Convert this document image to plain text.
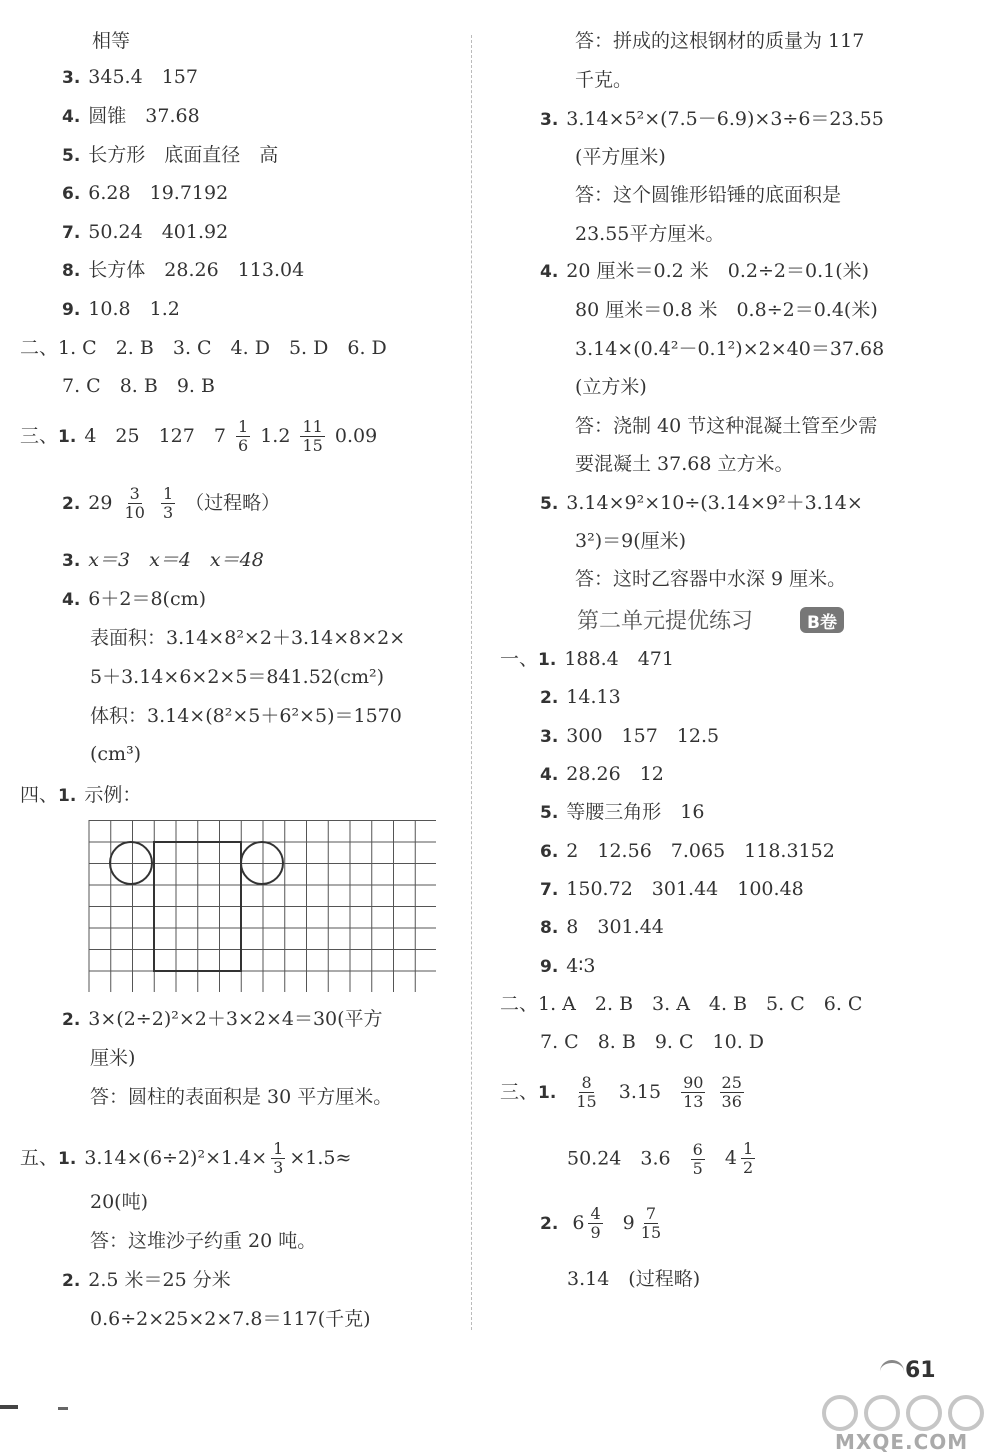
相等
3. 345.4　157
4. 圆锥　37.68
5. 长方形　底面直径　高
6. 6.28　19.7192
7. 50.24　401.92
8. 长方体　28.26　113.04
9. 10.8　1.2
二、1. C　2. B　3. C　4. D　5. D　6. D
7. C　8. B　9. B
三、1. 4　25　127　$7 \frac{1}{6} 1.2 \frac{11}{15} 0.09$
2. $29 \frac{3}{10}$
$\frac{1}{3}$ （过程略）
3. x＝3　x＝4　x＝48
4. 6＋2＝8(cm)
表面积：3.14×8²×2＋3.14×8×2×
5＋3.14×6×2×5＝841.52(cm²)
体积：3.14×(8²×5＋6²×5)＝1570
(cm³)
四、1. 示例：
2. 3×(2÷2)²×2＋3×2×4＝30(平方
厘米)
答：圆柱的表面积是 30 平方厘米。
五、1. $3.14\times(6\div 2)^2\times 1.4\times \frac{1}{3} \times 1.5\approx$
20(吨)
答：这堆沙子约重 20 吨。
2. 2.5 米＝25 分米
0.6÷2×25×2×7.8＝117(千克)
答：拼成的这根钢材的质量为 117
千克。
3. 3.14×5²×(7.5－6.9)×3÷6＝23.55
(平方厘米)
答：这个圆锥形铅锤的底面积是
23.55平方厘米。
4. 20 厘米＝0.2 米　0.2÷2＝0.1(米)
80 厘米＝0.8 米　0.8÷2＝0.4(米)
3.14×(0.4²－0.1²)×2×40＝37.68
(立方米)
答：浇制 40 节这种混凝土管至少需
要混凝土 37.68 立方米。
5. 3.14×9²×10÷(3.14×9²＋3.14×
3²)＝9(厘米)
答：这时乙容器中水深 9 厘米。
第二单元提优练习	B卷
一、1. 188.4　471
2. 14.13
3. 300　157　12.5
4. 28.26　12
5. 等腰三角形　16
6. 2　12.56　7.065　118.3152
7. 150.72　301.44　100.48
8. 8　301.44
9. 4∶3
二、1. A　2. B　3. A　4. B　5. C　6. C
7. C　8. B　9. C　10. D
三、1. $\frac{8}{15} 3.15 \frac{90}{13}$
$\frac{25}{36}$
50.24　$3.6 \frac{6}{5}$
$4 \frac{1}{2}$
2. $6 \frac{4}{9}$
$9 \frac{7}{15}$
3.14　(过程略)
61
MXQE.COM
